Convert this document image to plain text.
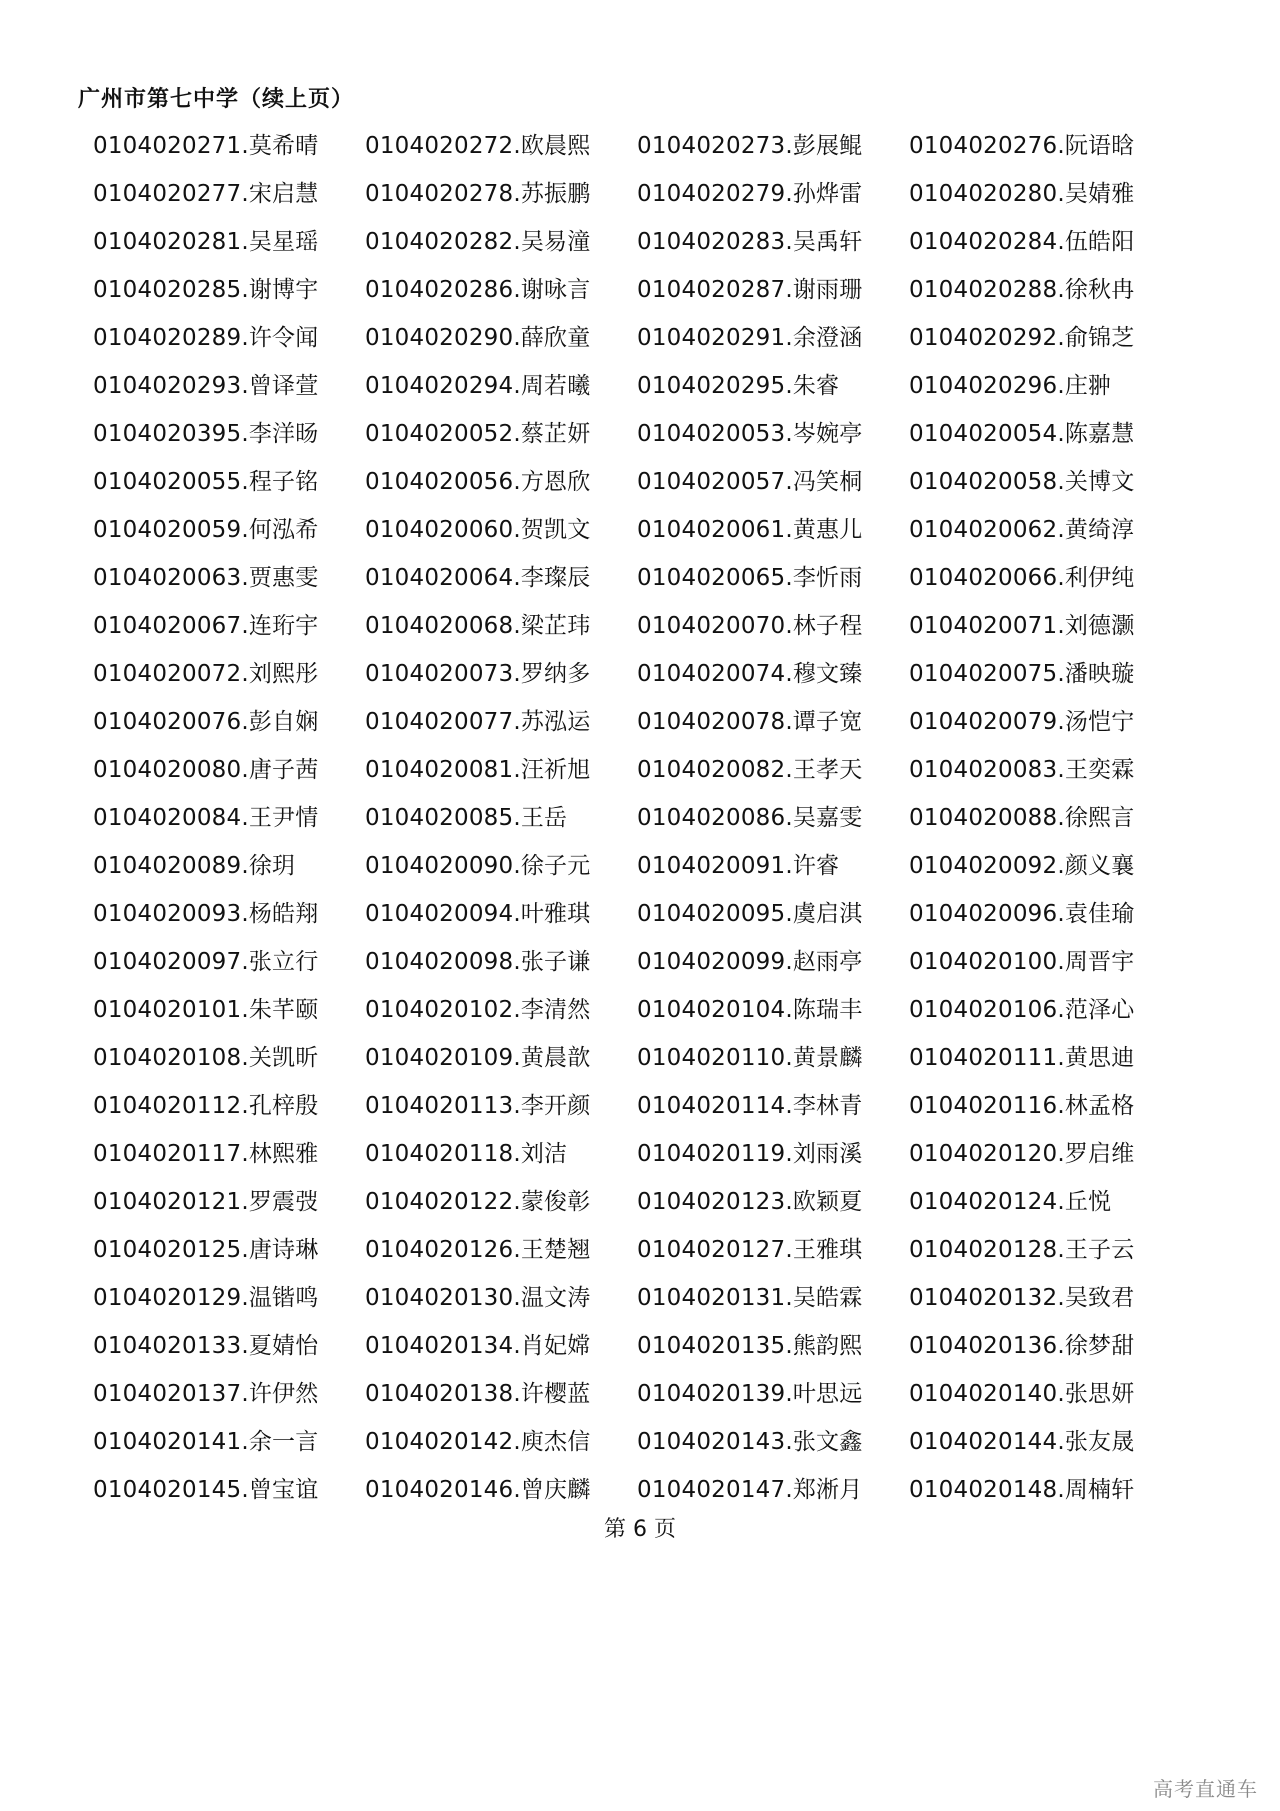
广州市第七中学（续上页）
0104020271.莫希晴	0104020272.欧晨熙	0104020273.彭展鲲	0104020276.阮语晗
0104020277.宋启慧	0104020278.苏振鹏	0104020279.孙烨雷	0104020280.吴婧雅
0104020281.吴星瑶	0104020282.吴易潼	0104020283.吴禹轩	0104020284.伍皓阳
0104020285.谢博宇	0104020286.谢咏言	0104020287.谢雨珊	0104020288.徐秋冉
0104020289.许令闻	0104020290.薛欣童	0104020291.余澄涵	0104020292.俞锦芝
0104020293.曾译萱	0104020294.周若曦	0104020295.朱睿	0104020296.庄翀
0104020395.李洋旸	0104020052.蔡芷妍	0104020053.岑婉亭	0104020054.陈嘉慧
0104020055.程子铭	0104020056.方恩欣	0104020057.冯笑桐	0104020058.关博文
0104020059.何泓希	0104020060.贺凯文	0104020061.黄惠儿	0104020062.黄绮淳
0104020063.贾惠雯	0104020064.李璨辰	0104020065.李忻雨	0104020066.利伊纯
0104020067.连珩宇	0104020068.梁芷玮	0104020070.林子程	0104020071.刘德灏
0104020072.刘熙彤	0104020073.罗纳多	0104020074.穆文臻	0104020075.潘映璇
0104020076.彭自娴	0104020077.苏泓运	0104020078.谭子宽	0104020079.汤恺宁
0104020080.唐子茜	0104020081.汪祈旭	0104020082.王孝天	0104020083.王奕霖
0104020084.王尹情	0104020085.王岳	0104020086.吴嘉雯	0104020088.徐熙言
0104020089.徐玥	0104020090.徐子元	0104020091.许睿	0104020092.颜义襄
0104020093.杨皓翔	0104020094.叶雅琪	0104020095.虞启淇	0104020096.袁佳瑜
0104020097.张立行	0104020098.张子谦	0104020099.赵雨亭	0104020100.周晋宇
0104020101.朱芊颐	0104020102.李清然	0104020104.陈瑞丰	0104020106.范泽心
0104020108.关凯昕	0104020109.黄晨歆	0104020110.黄景麟	0104020111.黄思迪
0104020112.孔梓殷	0104020113.李开颜	0104020114.李林青	0104020116.林孟格
0104020117.林熙雅	0104020118.刘洁	0104020119.刘雨溪	0104020120.罗启维
0104020121.罗震弢	0104020122.蒙俊彰	0104020123.欧颖夏	0104020124.丘悦
0104020125.唐诗琳	0104020126.王楚翘	0104020127.王雅琪	0104020128.王子云
0104020129.温锴鸣	0104020130.温文涛	0104020131.吴皓霖	0104020132.吴致君
0104020133.夏婧怡	0104020134.肖妃嫦	0104020135.熊韵熙	0104020136.徐梦甜
0104020137.许伊然	0104020138.许樱蓝	0104020139.叶思远	0104020140.张思妍
0104020141.余一言	0104020142.庾杰信	0104020143.张文鑫	0104020144.张友晟
0104020145.曾宝谊	0104020146.曾庆麟	0104020147.郑淅月	0104020148.周楠轩
第 6 页
高考直通车
